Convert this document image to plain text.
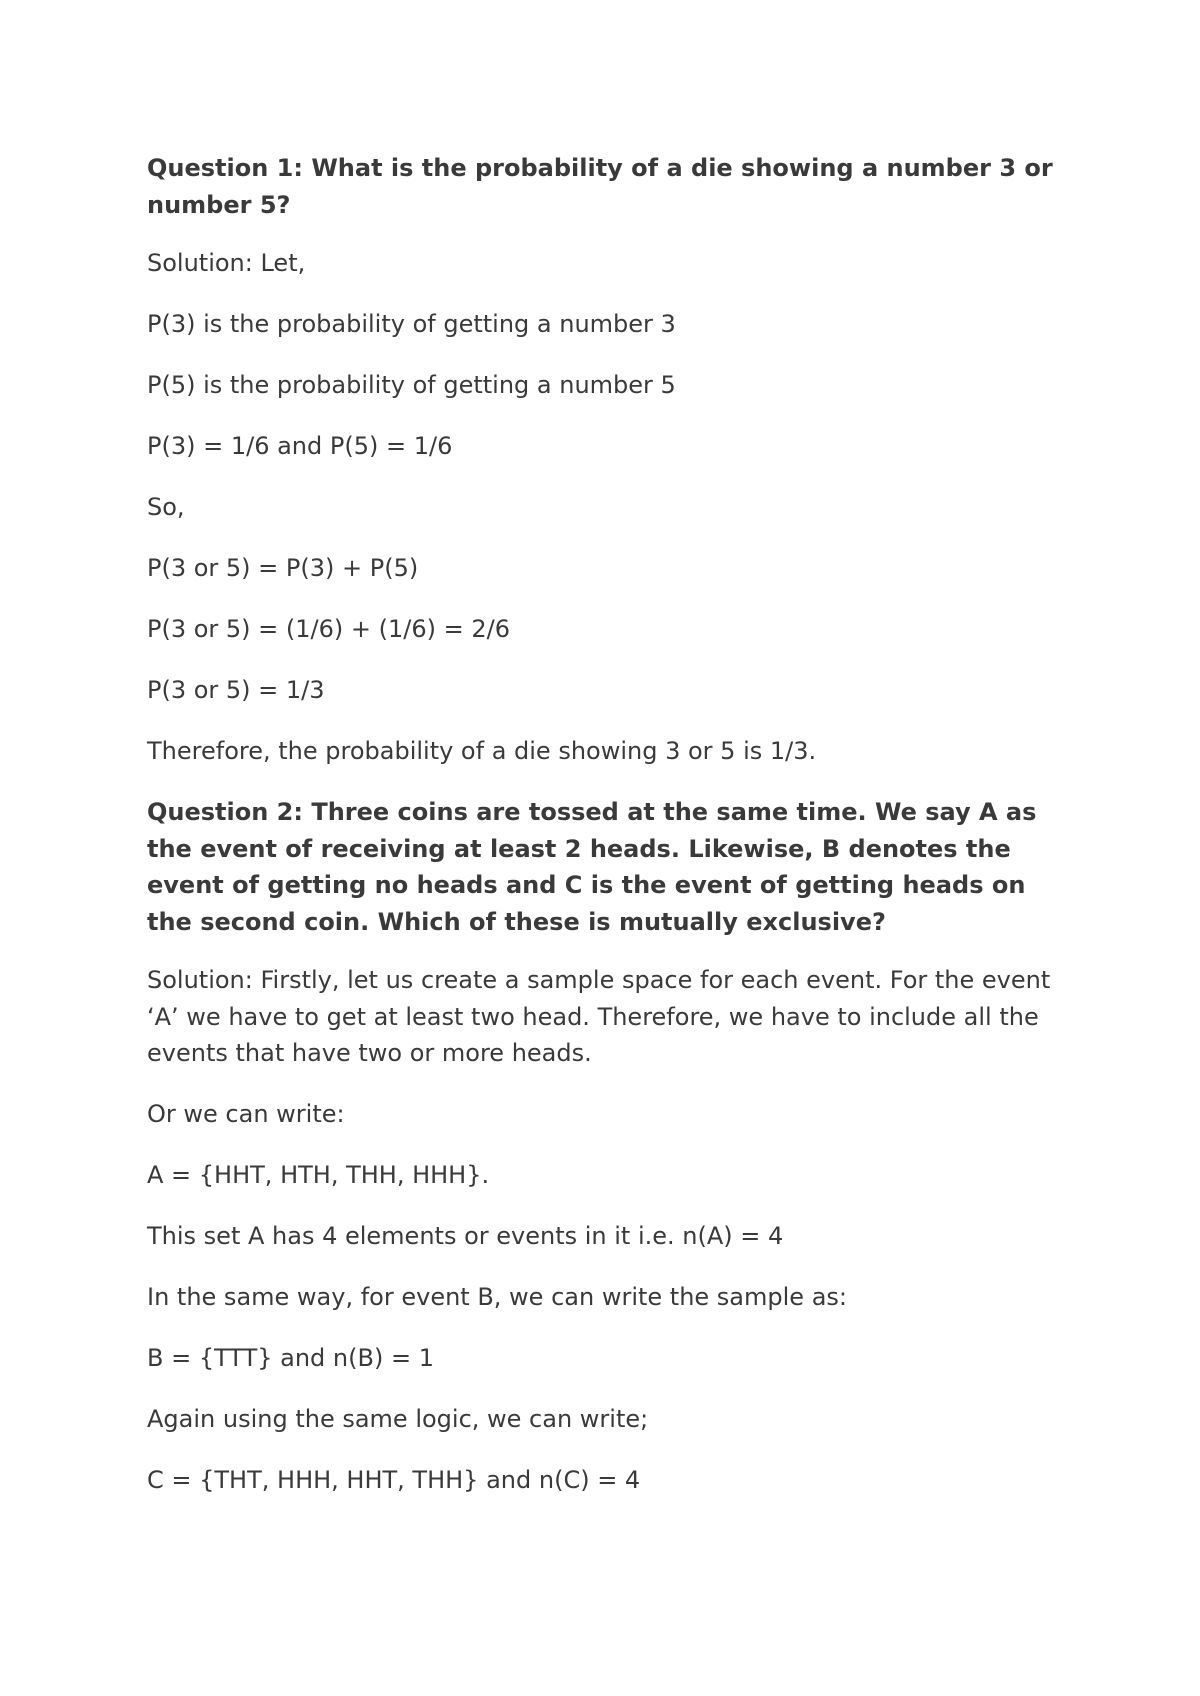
Question 1: What is the probability of a die showing a number 3 or number 5?
Solution: Let,
P(3) is the probability of getting a number 3
P(5) is the probability of getting a number 5
P(3) = 1/6 and P(5) = 1/6
So,
P(3 or 5) = P(3) + P(5)
P(3 or 5) = (1/6) + (1/6) = 2/6
P(3 or 5) = 1/3
Therefore, the probability of a die showing 3 or 5 is 1/3.
Question 2: Three coins are tossed at the same time. We say A as the event of receiving at least 2 heads. Likewise, B denotes the event of getting no heads and C is the event of getting heads on the second coin. Which of these is mutually exclusive?
Solution: Firstly, let us create a sample space for each event. For the event ‘A’ we have to get at least two head. Therefore, we have to include all the events that have two or more heads.
Or we can write:
A = {HHT, HTH, THH, HHH}.
This set A has 4 elements or events in it i.e. n(A) = 4
In the same way, for event B, we can write the sample as:
B = {TTT} and n(B) = 1
Again using the same logic, we can write;
C = {THT, HHH, HHT, THH} and n(C) = 4
